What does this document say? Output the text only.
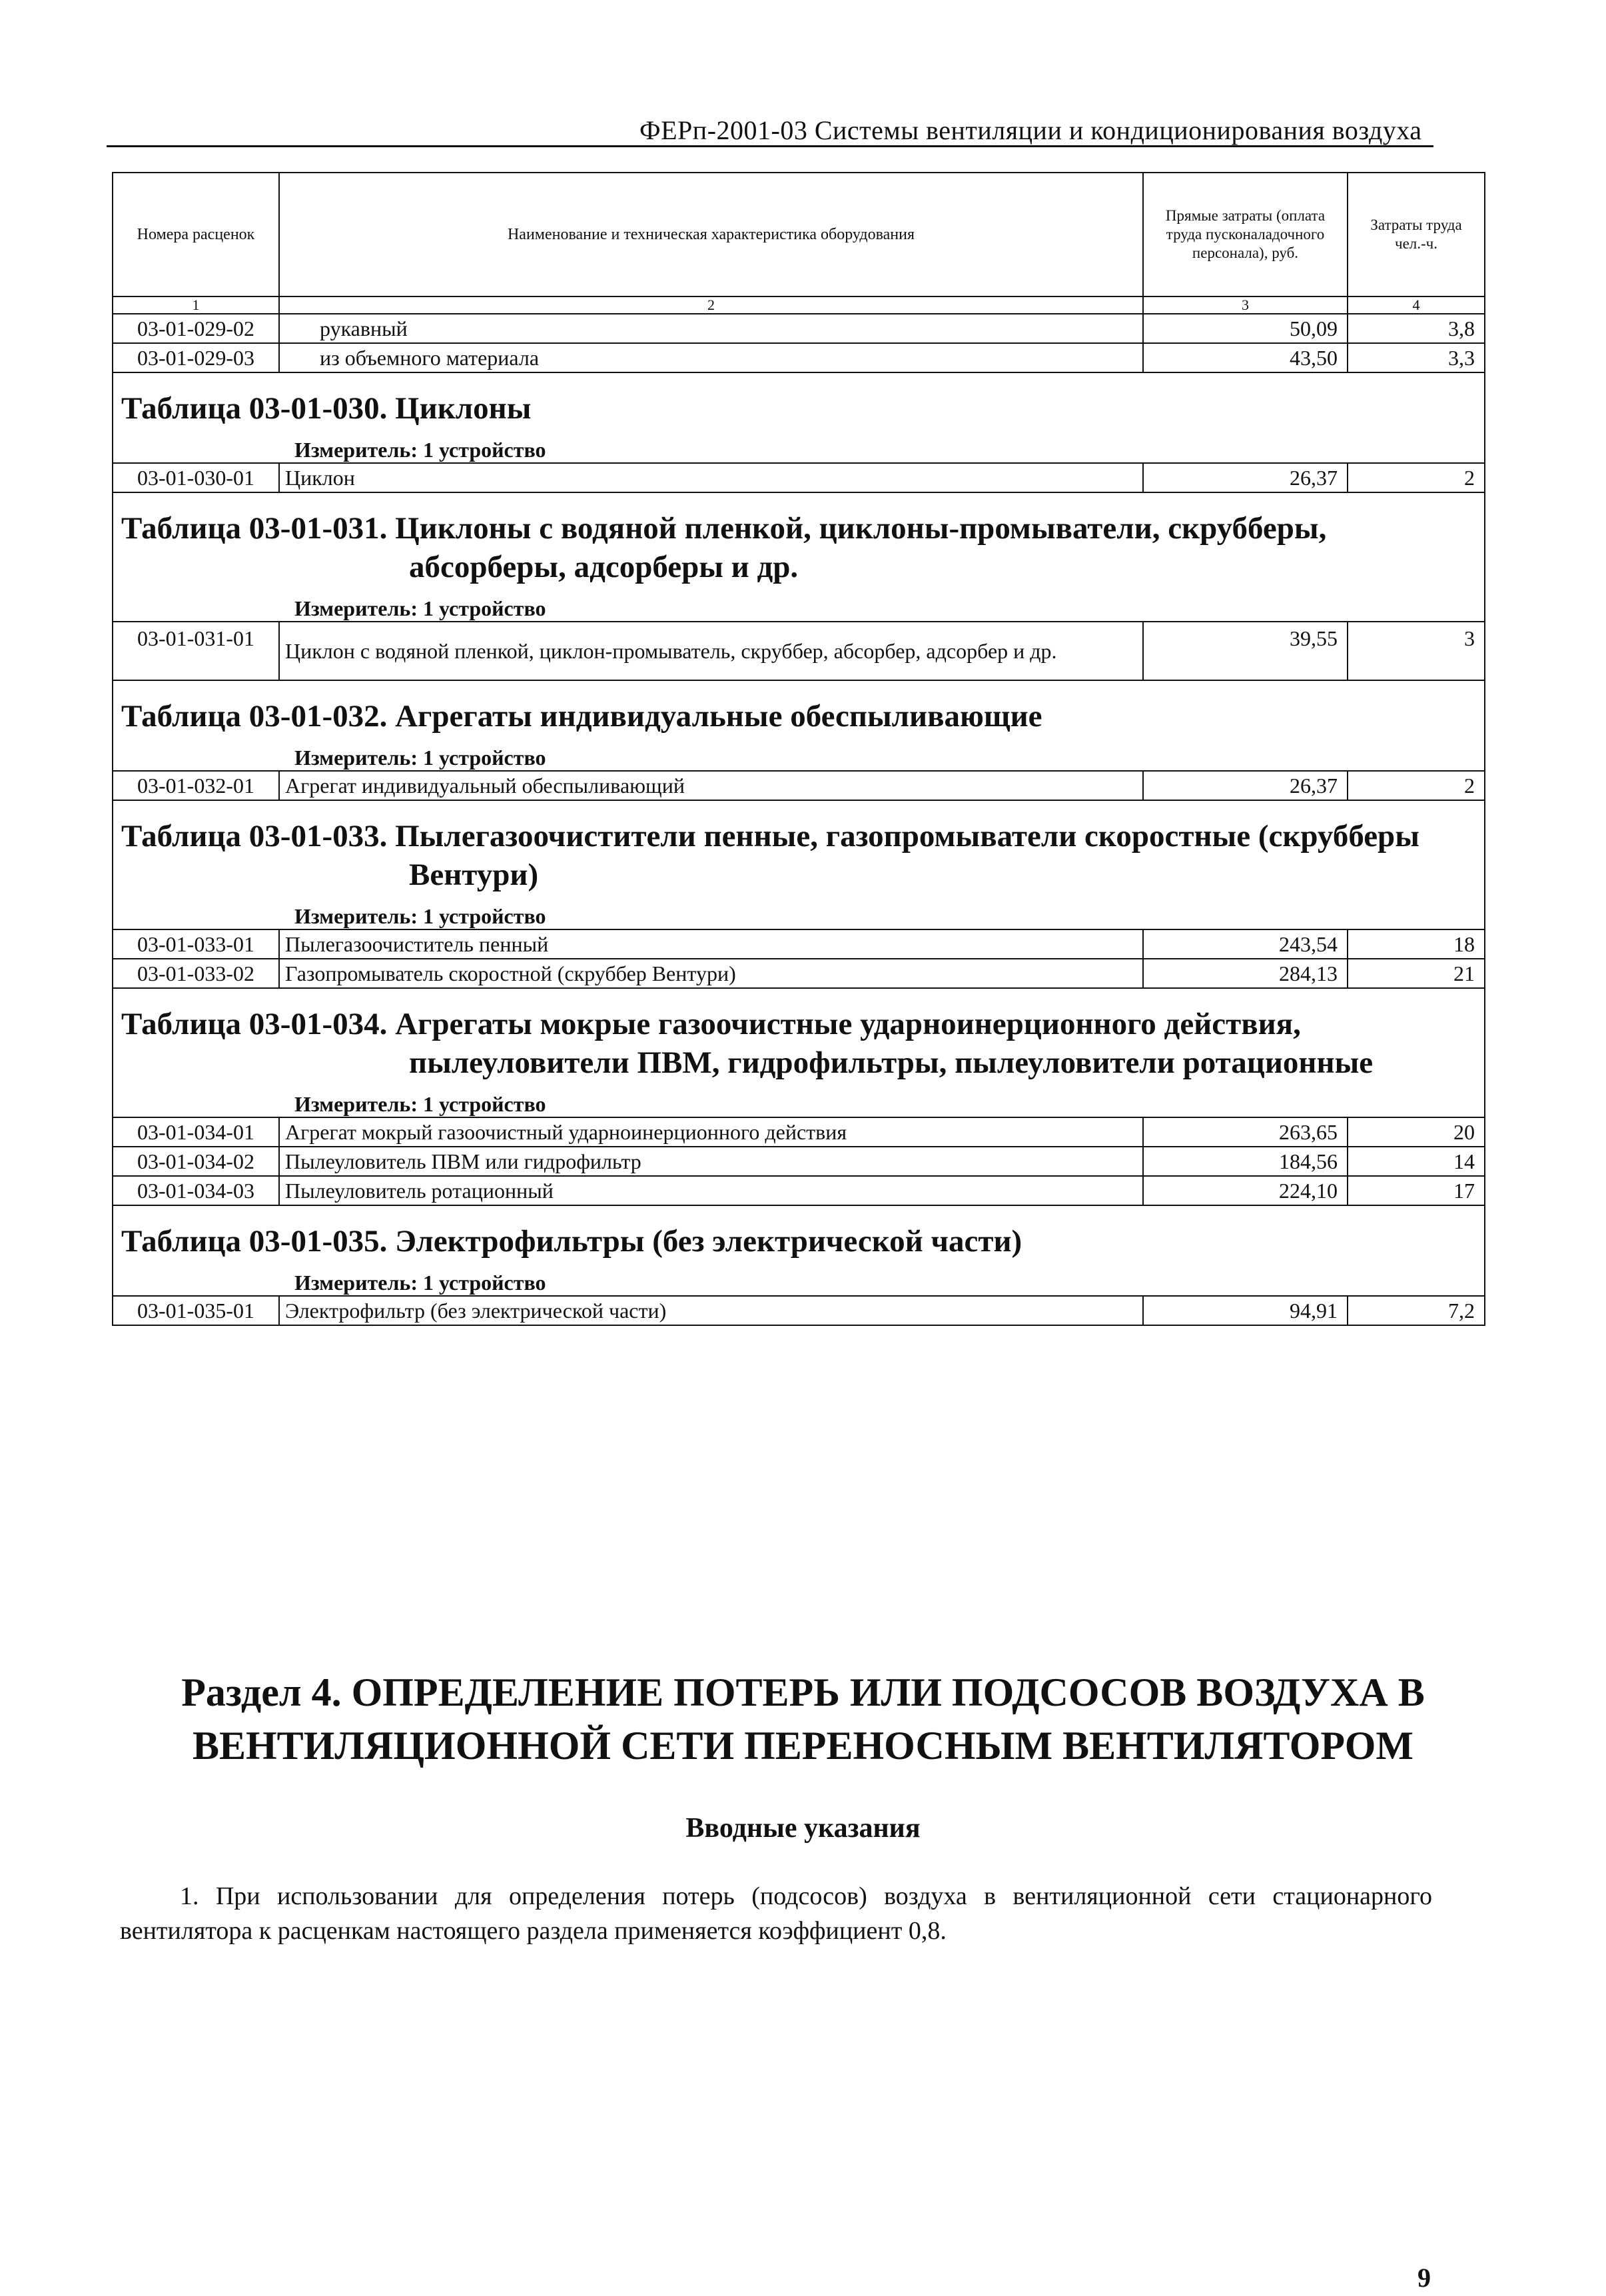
ФЕРп-2001-03 Системы вентиляции и кондиционирования воздуха
Номера расценок	Наименование и техническая характеристика оборудования	Прямые затраты (оплата труда пусконаладочного персонала), руб.	Затраты труда чел.-ч.
1	2	3	4
03-01-029-02	рукавный	50,09	3,8
03-01-029-03	из объемного материала	43,50	3,3

Таблица 03-01-030. Циклоны
Измеритель: 1 устройство			

03-01-030-01	Циклон	26,37	2

Таблица 03-01-031. Циклоны с водяной пленкой, циклоны-промыватели, скрубберы,
абсорберы, адсорберы и др.
Измеритель: 1 устройство			

03-01-031-01	Циклон с водяной пленкой, циклон-промыватель, скруббер, абсорбер, адсорбер и др.	39,55	3

Таблица 03-01-032. Агрегаты индивидуальные обеспыливающие
Измеритель: 1 устройство			

03-01-032-01	Агрегат индивидуальный обеспыливающий	26,37	2

Таблица 03-01-033. Пылегазоочистители пенные, газопромыватели скоростные (скрубберы
Вентури)
Измеритель: 1 устройство			

03-01-033-01	Пылегазоочиститель пенный	243,54	18
03-01-033-02	Газопромыватель скоростной (скруббер Вентури)	284,13	21

Таблица 03-01-034. Агрегаты мокрые газоочистные ударноинерционного действия,
пылеуловители ПВМ, гидрофильтры, пылеуловители ротационные
Измеритель: 1 устройство			

03-01-034-01	Агрегат мокрый газоочистный ударноинерционного действия	263,65	20
03-01-034-02	Пылеуловитель ПВМ или гидрофильтр	184,56	14
03-01-034-03	Пылеуловитель ротационный	224,10	17

Таблица 03-01-035. Электрофильтры (без электрической части)
Измеритель: 1 устройство			

03-01-035-01	Электрофильтр (без электрической части)	94,91	7,2
Раздел 4. ОПРЕДЕЛЕНИЕ ПОТЕРЬ ИЛИ ПОДСОСОВ ВОЗДУХА В
ВЕНТИЛЯЦИОННОЙ СЕТИ ПЕРЕНОСНЫМ ВЕНТИЛЯТОРОМ
Вводные указания
1. При использовании для определения потерь (подсосов) воздуха в вентиляционной сети стационарного вентилятора к расценкам настоящего раздела применяется коэффициент 0,8.
9
